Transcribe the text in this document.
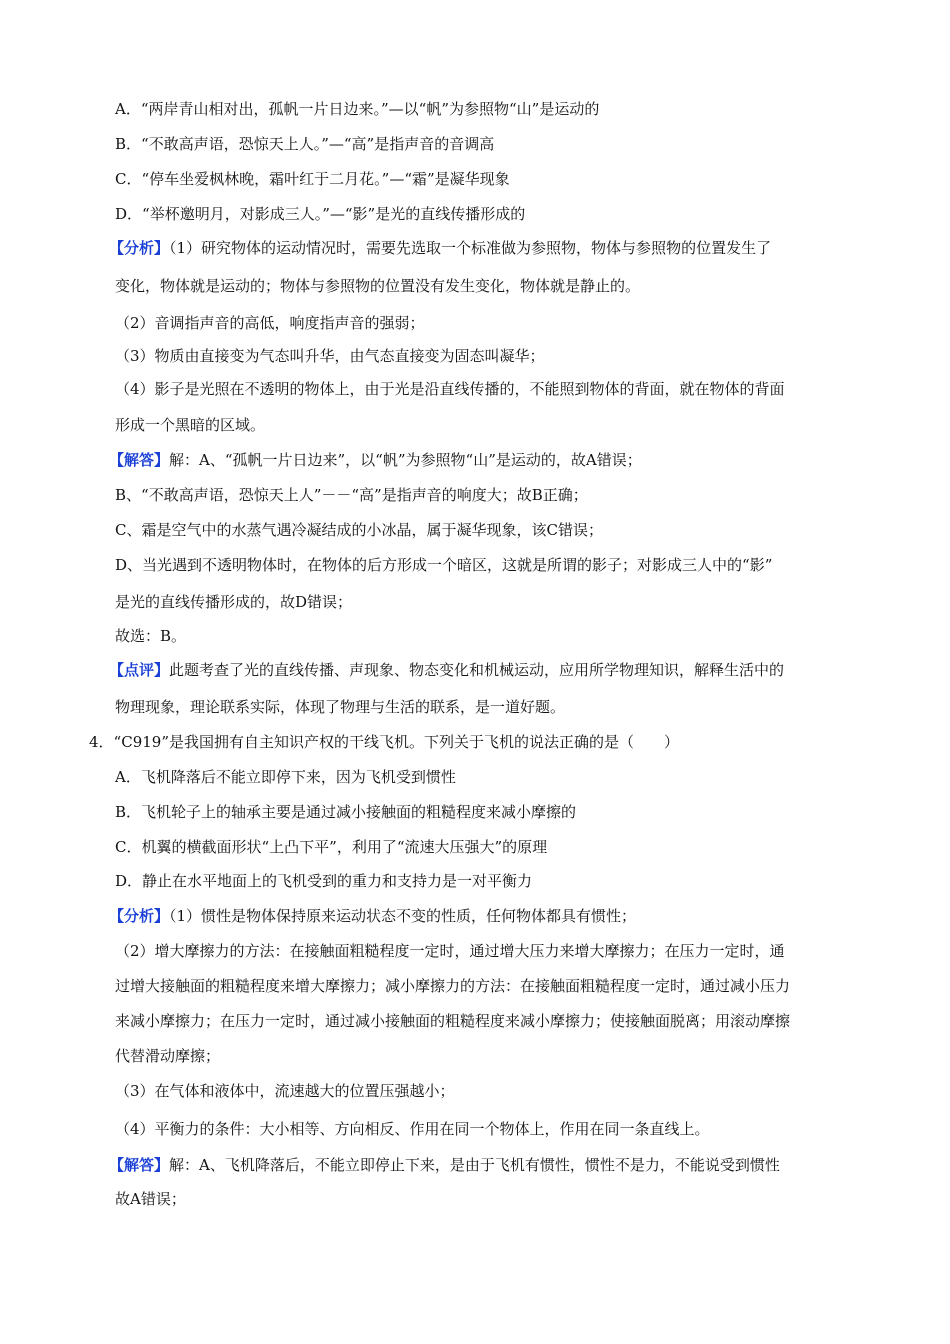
A．“两岸青山相对出，孤帆一片日边来。”—以“帆”为参照物“山”是运动的
B．“不敢高声语，恐惊天上人。”—“高”是指声音的音调高
C．“停车坐爱枫林晚，霜叶红于二月花。”—“霜”是凝华现象
D．“举杯邀明月，对影成三人。”—“影”是光的直线传播形成的
【分析】（1）研究物体的运动情况时，需要先选取一个标准做为参照物，物体与参照物的位置发生了
变化，物体就是运动的；物体与参照物的位置没有发生变化，物体就是静止的。
（2）音调指声音的高低，响度指声音的强弱；
（3）物质由直接变为气态叫升华，由气态直接变为固态叫凝华；
（4）影子是光照在不透明的物体上，由于光是沿直线传播的，不能照到物体的背面，就在物体的背面
形成一个黑暗的区域。
【解答】解：A、“孤帆一片日边来”，以“帆”为参照物“山”是运动的，故A错误；
B、“不敢高声语，恐惊天上人”－－“高”是指声音的响度大；故B正确；
C、霜是空气中的水蒸气遇冷凝结成的小冰晶，属于凝华现象，该C错误；
D、当光遇到不透明物体时，在物体的后方形成一个暗区，这就是所谓的影子；对影成三人中的“影”
是光的直线传播形成的，故D错误；
故选：B。
【点评】此题考查了光的直线传播、声现象、物态变化和机械运动，应用所学物理知识，解释生活中的
物理现象，理论联系实际，体现了物理与生活的联系，是一道好题。
4．“C919”是我国拥有自主知识产权的干线飞机。下列关于飞机的说法正确的是（　　）
A．飞机降落后不能立即停下来，因为飞机受到惯性
B．飞机轮子上的轴承主要是通过减小接触面的粗糙程度来减小摩擦的
C．机翼的横截面形状“上凸下平”，利用了“流速大压强大”的原理
D．静止在水平地面上的飞机受到的重力和支持力是一对平衡力
【分析】（1）惯性是物体保持原来运动状态不变的性质，任何物体都具有惯性；
（2）增大摩擦力的方法：在接触面粗糙程度一定时，通过增大压力来增大摩擦力；在压力一定时，通
过增大接触面的粗糙程度来增大摩擦力；减小摩擦力的方法：在接触面粗糙程度一定时，通过减小压力
来减小摩擦力；在压力一定时，通过减小接触面的粗糙程度来减小摩擦力；使接触面脱离；用滚动摩擦
代替滑动摩擦；
（3）在气体和液体中，流速越大的位置压强越小；
（4）平衡力的条件：大小相等、方向相反、作用在同一个物体上，作用在同一条直线上。
【解答】解：A、飞机降落后，不能立即停止下来，是由于飞机有惯性，惯性不是力，不能说受到惯性
故A错误；
